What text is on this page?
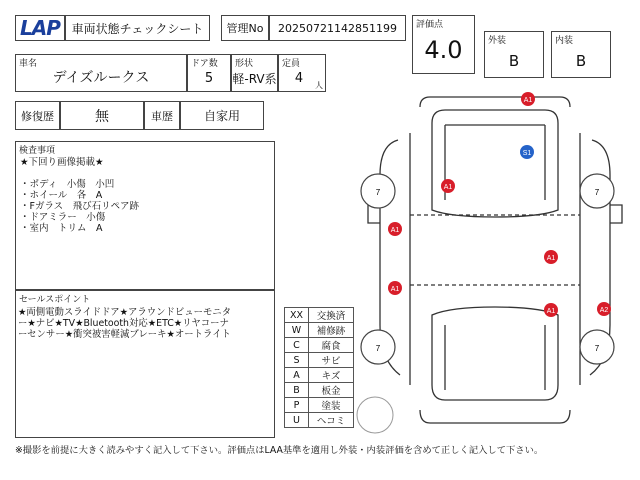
LAP 車両状態チェックシート 管理No 20250721142851199 評価点
4.0	外装
B
内装
B
車名
デイズルークス
ドア数
5
形状
軽-RV系
定員
4	人
修復歴	無	車歴	自家用
検査事項
★下回り画像掲載★
・ボディ　小傷　小凹
・ホイール　各　A
・Fガラス　飛び石リペア跡
・ドアミラー　小傷
・室内　トリム　A
セールスポイント
★両側電動スライドドア★アラウンドビューモニタ
ー★ナビ★TV★Bluetooth対応★ETC★リヤコーナ
ーセンサー★衝突被害軽減ブレーキ★オートライト
XX	交換済
W	補修跡
C	腐食
S	サビ
A	キズ
B	板金
P	塗装
U	ヘコミ
7	7
7	7
A1
S1
A1
A1
A1
A1
A1	A2
※撮影を前提に大きく読みやすく記入して下さい。評価点はLAA基準を適用し外装・内装評価を含めて正しく記入して下さい。
